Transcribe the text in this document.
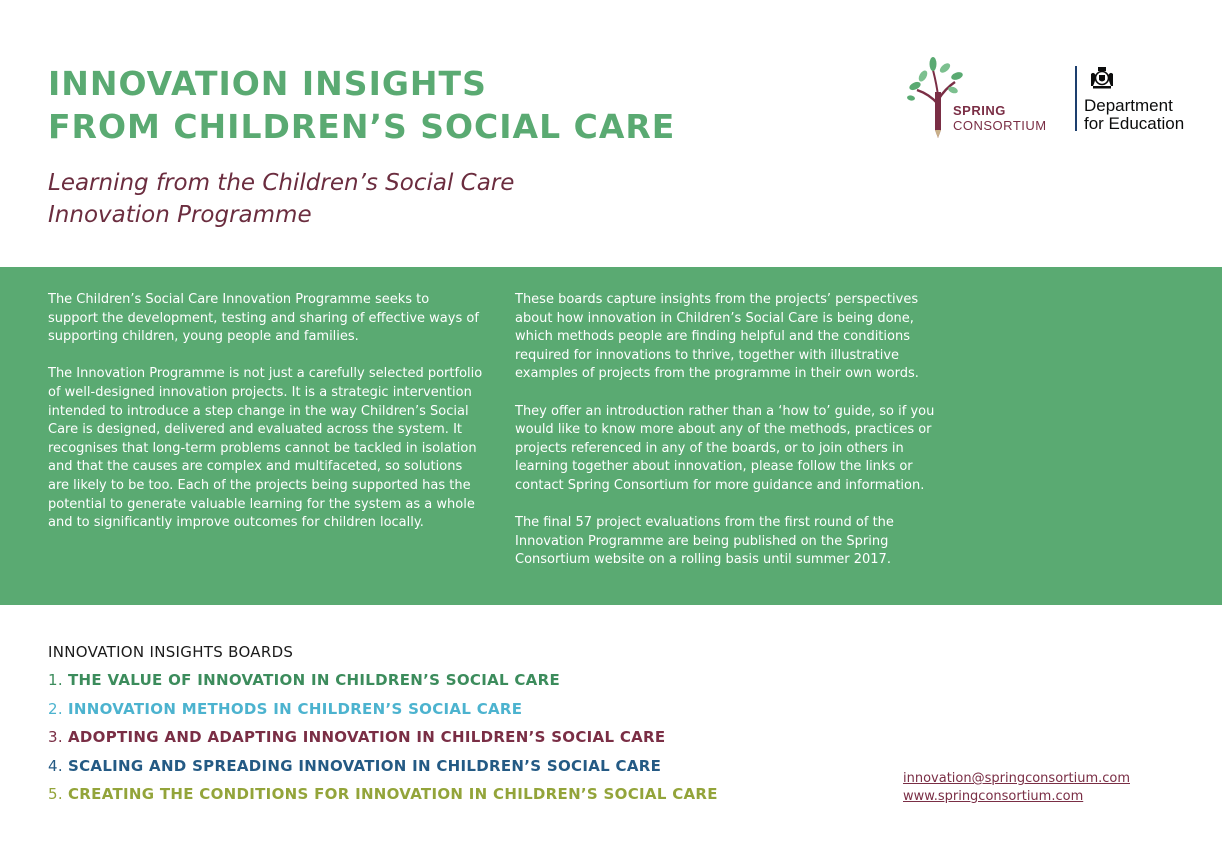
INNOVATION INSIGHTS
FROM CHILDREN’S SOCIAL CARE
Learning from the Children’s Social Care
Innovation Programme
SPRING
CONSORTIUM
Department
for Education

The Children’s Social Care Innovation Programme seeks to support the development, testing and sharing of effective ways of supporting children, young people and families.

The Innovation Programme is not just a carefully selected portfolio of well-designed innovation projects. It is a strategic intervention intended to introduce a step change in the way Children’s Social Care is designed, delivered and evaluated across the system. It recognises that long-term problems cannot be tackled in isolation and that the causes are complex and multifaceted, so solutions are likely to be too. Each of the projects being supported has the potential to generate valuable learning for the system as a whole and to significantly improve outcomes for children locally.

These boards capture insights from the projects’ perspectives about how innovation in Children’s Social Care is being done, which methods people are finding helpful and the conditions required for innovations to thrive, together with illustrative examples of projects from the programme in their own words.

They offer an introduction rather than a ‘how to’ guide, so if you would like to know more about any of the methods, practices or projects referenced in any of the boards, or to join others in learning together about innovation, please follow the links or contact Spring Consortium for more guidance and information.

The final 57 project evaluations from the first round of the Innovation Programme are being published on the Spring Consortium website on a rolling basis until summer 2017.

INNOVATION INSIGHTS BOARDS
1. THE VALUE OF INNOVATION IN CHILDREN’S SOCIAL CARE
2. INNOVATION METHODS IN CHILDREN’S SOCIAL CARE
3. ADOPTING AND ADAPTING INNOVATION IN CHILDREN’S SOCIAL CARE
4. SCALING AND SPREADING INNOVATION IN CHILDREN’S SOCIAL CARE
5. CREATING THE CONDITIONS FOR INNOVATION IN CHILDREN’S SOCIAL CARE
innovation@springconsortium.com
www.springconsortium.com
